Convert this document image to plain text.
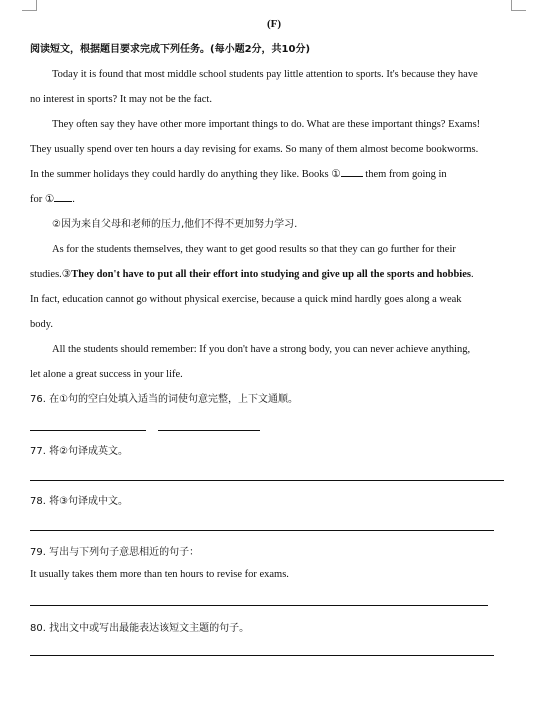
(F)
阅读短文，根据题目要求完成下列任务。(每小题2分，共10分)
Today it is found that most middle school students pay little attention to sports. It's because they have
no interest in sports? It may not be the fact.
They often say they have other more important things to do. What are these important things? Exams!
They usually spend over ten hours a day revising for exams. So many of them almost become bookworms.
In the summer holidays they could hardly do anything they like. Books ① them from going in
for ① .
②因为来自父母和老师的压力,他们不得不更加努力学习.
As for the students themselves, they want to get good results so that they can go further for their
studies.③They don't have to put all their effort into studying and give up all the sports and hobbies.
In fact, education cannot go without physical exercise, because a quick mind hardly goes along a weak
body.
All the students should remember: If you don't have a strong body, you can never achieve anything,
let alone a great success in your life.
76. 在①句的空白处填入适当的词使句意完整，上下文通顺。
77. 将②句译成英文。
78. 将③句译成中文。
79. 写出与下列句子意思相近的句子：
It usually takes them more than ten hours to revise for exams.
80. 找出文中或写出最能表达该短文主题的句子。
